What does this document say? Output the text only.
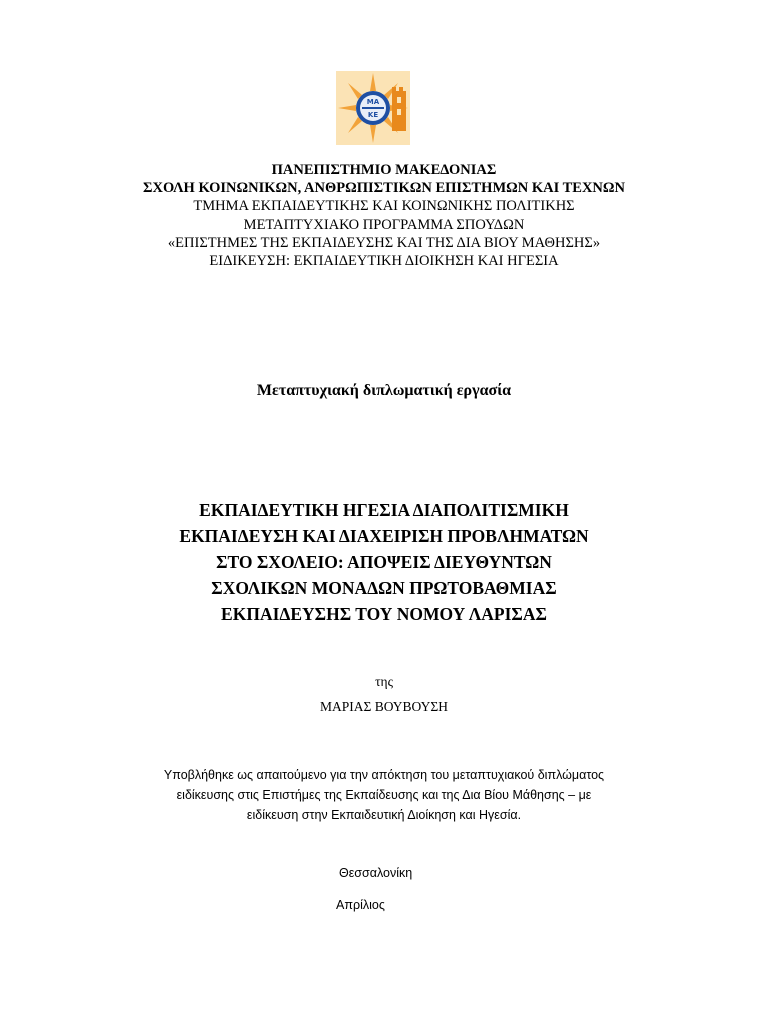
ΜΑ
ΚΕ
ΠΑΝΕΠΙΣΤΗΜΙΟ ΜΑΚΕΔΟΝΙΑΣ
ΣΧΟΛΗ ΚΟΙΝΩΝΙΚΩΝ, ΑΝΘΡΩΠΙΣΤΙΚΩΝ ΕΠΙΣΤΗΜΩΝ ΚΑΙ ΤΕΧΝΩΝ
ΤΜΗΜΑ ΕΚΠΑΙΔΕΥΤΙΚΗΣ ΚΑΙ ΚΟΙΝΩΝΙΚΗΣ ΠΟΛΙΤΙΚΗΣ
ΜΕΤΑΠΤΥΧΙΑΚΟ ΠΡΟΓΡΑΜΜΑ ΣΠΟΥΔΩΝ
«ΕΠΙΣΤΗΜΕΣ ΤΗΣ ΕΚΠΑΙΔΕΥΣΗΣ ΚΑΙ ΤΗΣ ΔΙΑ ΒΙΟΥ ΜΑΘΗΣΗΣ»
ΕΙΔΙΚΕΥΣΗ: ΕΚΠΑΙΔΕΥΤΙΚΗ ΔΙΟΙΚΗΣΗ ΚΑΙ ΗΓΕΣΙΑ
Μεταπτυχιακή διπλωματική εργασία
ΕΚΠΑΙΔΕΥΤΙΚΗ ΗΓΕΣΙΑ ΔΙΑΠΟΛΙΤΙΣΜΙΚΗ
ΕΚΠΑΙΔΕΥΣΗ ΚΑΙ ΔΙΑΧΕΙΡΙΣΗ ΠΡΟΒΛΗΜΑΤΩΝ
ΣΤΟ ΣΧΟΛΕΙΟ: ΑΠΟΨΕΙΣ ΔΙΕΥΘΥΝΤΩΝ
ΣΧΟΛΙΚΩΝ ΜΟΝΑΔΩΝ ΠΡΩΤΟΒΑΘΜΙΑΣ
ΕΚΠΑΙΔΕΥΣΗΣ ΤΟΥ ΝΟΜΟΥ ΛΑΡΙΣΑΣ
της
ΜΑΡΙΑΣ ΒΟΥΒΟΥΣΗ
Υποβλήθηκε ως απαιτούμενο για την απόκτηση του μεταπτυχιακού διπλώματος
ειδίκευσης στις Επιστήμες της Εκπαίδευσης και της Δια Βίου Μάθησης – με
ειδίκευση στην Εκπαιδευτική Διοίκηση και Ηγεσία.
Θεσσαλονίκη
Απρίλιος
